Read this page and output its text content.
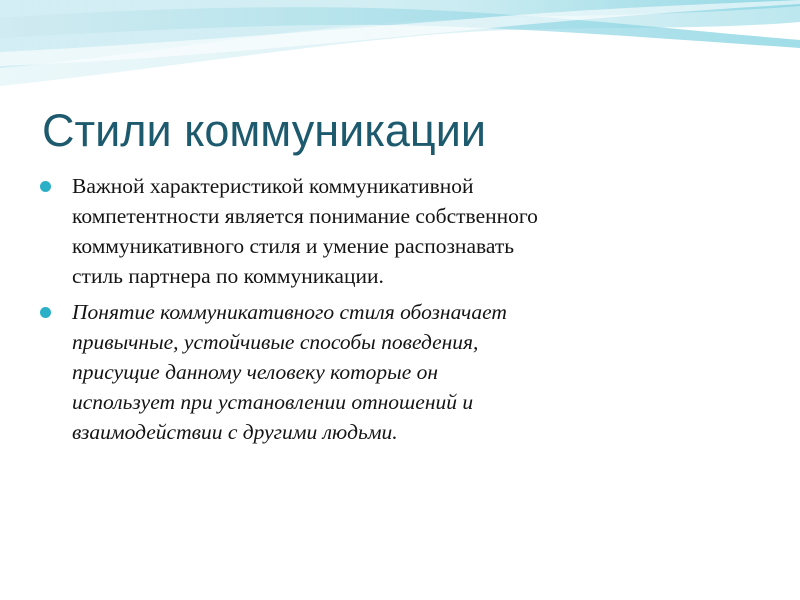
Стили коммуникации
Важной характеристикой коммуникативной
компетентности является понимание собственного
коммуникативного стиля и умение распознавать
стиль партнера по коммуникации.
Понятие коммуникативного стиля обозначает
привычные, устойчивые способы поведения,
присущие данному человеку которые он
использует при установлении отношений и
взаимодействии с другими людьми.
